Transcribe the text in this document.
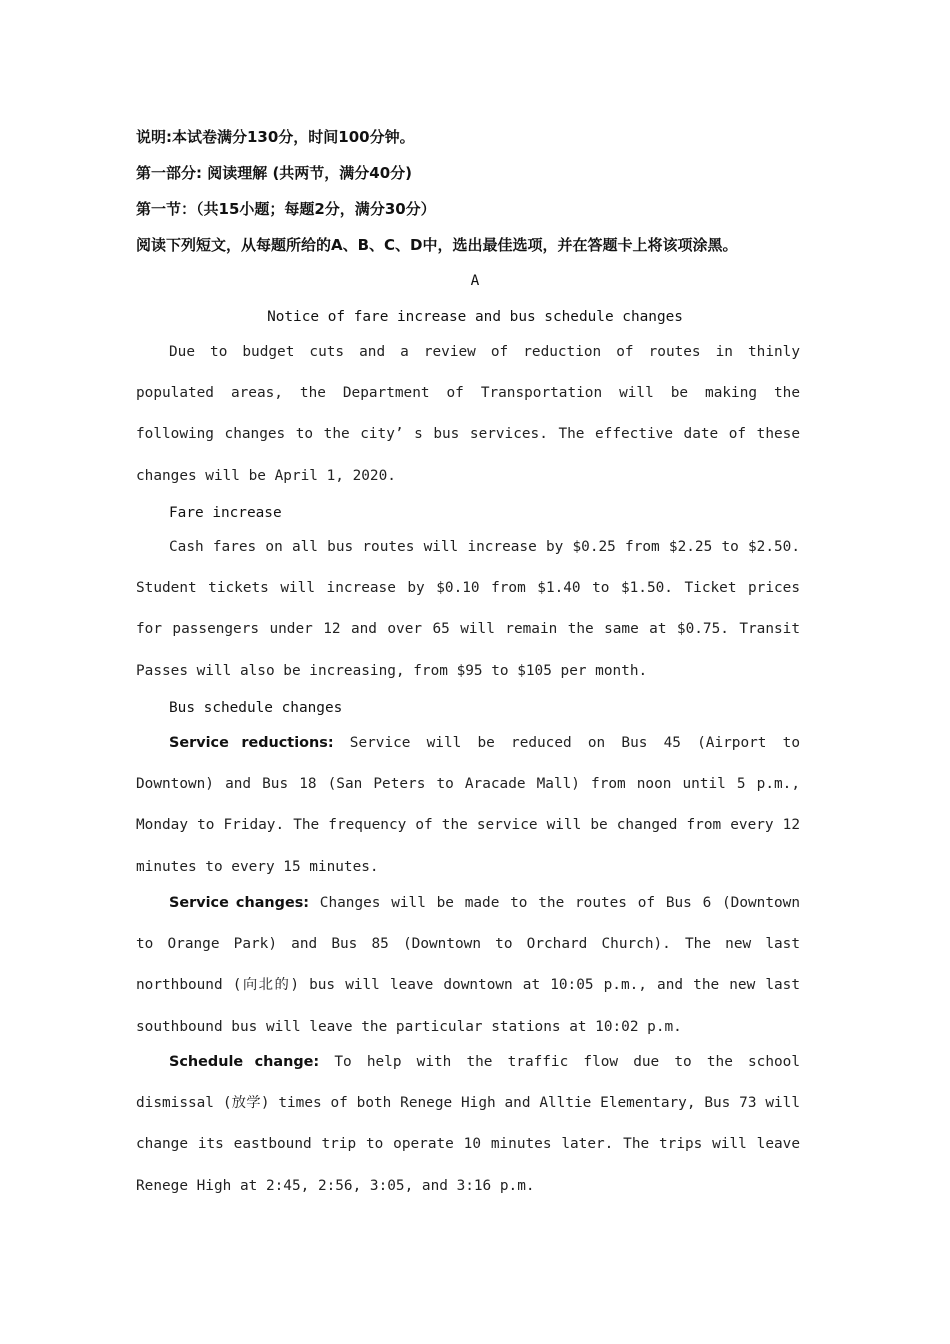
说明:本试卷满分130分，时间100分钟。
第一部分: 阅读理解 (共两节，满分40分)
第一节：（共15小题；每题2分，满分30分）
阅读下列短文，从每题所给的A、B、C、D中，选出最佳选项，并在答题卡上将该项涂黑。
A
Notice of fare increase and bus schedule changes

Due to budget cuts and a review of reduction of routes in thinly populated areas, the Department of Transportation will be making the following changes to the city’ s bus services. The effective date of these changes will be April 1, 2020.

Fare increase

Cash fares on all bus routes will increase by $0.25 from $2.25 to $2.50. Student tickets will increase by $0.10 from $1.40 to $1.50. Ticket prices for passengers under 12 and over 65 will remain the same at $0.75. Transit Passes will also be increasing, from $95 to $105 per month.

Bus schedule changes

Service reductions: Service will be reduced on Bus 45 (Airport to Downtown) and Bus 18 (San Peters to Aracade Mall) from noon until 5 p.m., Monday to Friday. The frequency of the service will be changed from every 12 minutes to every 15 minutes.

Service changes: Changes will be made to the routes of Bus 6 (Downtown to Orange Park) and Bus 85 (Downtown to Orchard Church). The new last northbound (向北的) bus will leave downtown at 10:05 p.m., and the new last southbound bus will leave the particular stations at 10:02 p.m.

Schedule change: To help with the traffic flow due to the school dismissal (放学) times of both Renege High and Alltie Elementary, Bus 73 will change its eastbound trip to operate 10 minutes later. The trips will leave Renege High at 2:45, 2:56, 3:05, and 3:16 p.m.
